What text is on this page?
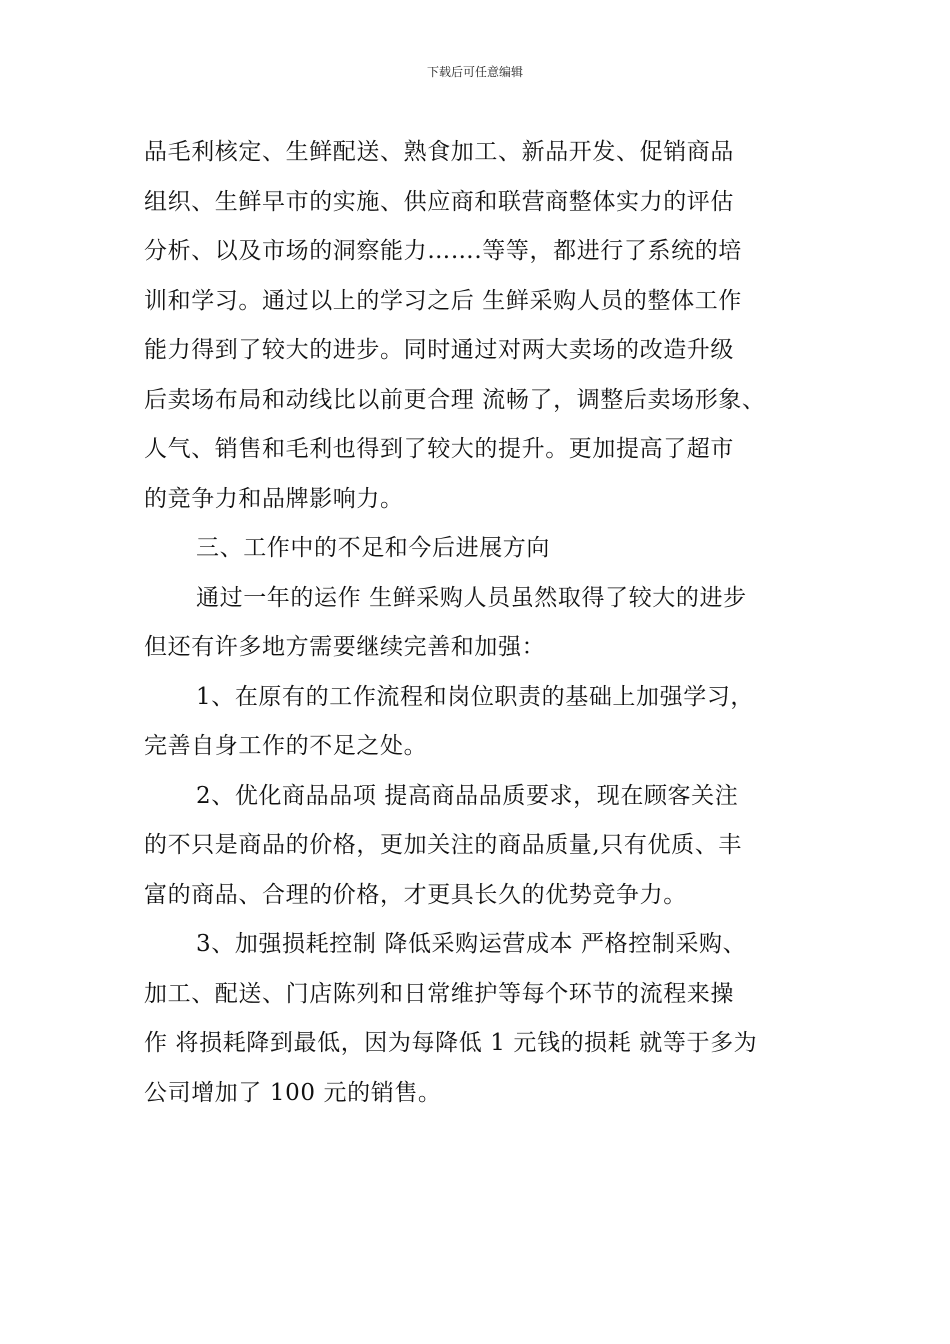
下载后可任意编辑
品毛利核定、生鲜配送、熟食加工、新品开发、促销商品
组织、生鲜早市的实施、供应商和联营商整体实力的评估
分析、以及市场的洞察能力…….等等，都进行了系统的培
训和学习。通过以上的学习之后 生鲜采购人员的整体工作
能力得到了较大的进步。同时通过对两大卖场的改造升级
后卖场布局和动线比以前更合理 流畅了，调整后卖场形象、
人气、销售和毛利也得到了较大的提升。更加提高了超市
的竞争力和品牌影响力。
三、工作中的不足和今后进展方向
通过一年的运作 生鲜采购人员虽然取得了较大的进步
但还有许多地方需要继续完善和加强：
1、在原有的工作流程和岗位职责的基础上加强学习，
完善自身工作的不足之处。
2、优化商品品项 提高商品品质要求，现在顾客关注
的不只是商品的价格，更加关注的商品质量,只有优质、丰
富的商品、合理的价格，才更具长久的优势竞争力。
3、加强损耗控制 降低采购运营成本 严格控制采购、
加工、配送、门店陈列和日常维护等每个环节的流程来操
作 将损耗降到最低，因为每降低 1 元钱的损耗 就等于多为
公司增加了 100 元的销售。
